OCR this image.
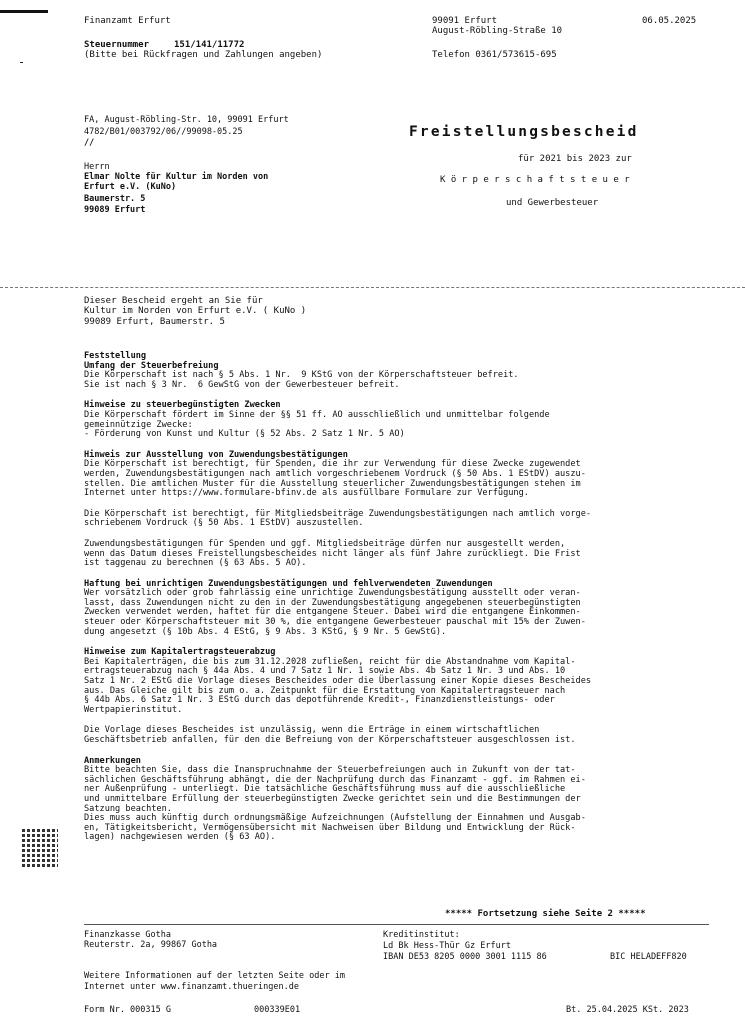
Finanzamt Erfurt
Steuernummer	151/141/11772
(Bitte bei Rückfragen und Zahlungen angeben)
99091 Erfurt
August-Röbling-Straße 10
Telefon 0361/573615-695
06.05.2025
FA, August-Röbling-Str. 10, 99091 Erfurt
4782/B01/003792/06//99098-05.25
//
Herrn
Elmar Nolte für Kultur im Norden von
Erfurt e.V. (KuNo)
Baumerstr. 5
99089 Erfurt
Freistellungsbescheid
für 2021 bis 2023 zur
K ö r p e r s c h a f t s t e u e r
und Gewerbesteuer
Dieser Bescheid ergeht an Sie für
Kultur im Norden von Erfurt e.V. ( KuNo )
99089 Erfurt, Baumerstr. 5

Feststellung

Umfang der Steuerbefreiung

Die Körperschaft ist nach § 5 Abs. 1 Nr.  9 KStG von der Körperschaftsteuer befreit.

Sie ist nach § 3 Nr.  6 GewStG von der Gewerbesteuer befreit.

Hinweise zu steuerbegünstigten Zwecken

Die Körperschaft fördert im Sinne der §§ 51 ff. AO ausschließlich und unmittelbar folgende

gemeinnützige Zwecke:

- Förderung von Kunst und Kultur (§ 52 Abs. 2 Satz 1 Nr. 5 AO)

Hinweis zur Ausstellung von Zuwendungsbestätigungen

Die Körperschaft ist berechtigt, für Spenden, die ihr zur Verwendung für diese Zwecke zugewendet

werden, Zuwendungsbestätigungen nach amtlich vorgeschriebenem Vordruck (§ 50 Abs. 1 EStDV) auszu-

stellen. Die amtlichen Muster für die Ausstellung steuerlicher Zuwendungsbestätigungen stehen im

Internet unter https://www.formulare-bfinv.de als ausfüllbare Formulare zur Verfügung.

Die Körperschaft ist berechtigt, für Mitgliedsbeiträge Zuwendungsbestätigungen nach amtlich vorge-

schriebenem Vordruck (§ 50 Abs. 1 EStDV) auszustellen.

Zuwendungsbestätigungen für Spenden und ggf. Mitgliedsbeiträge dürfen nur ausgestellt werden,

wenn das Datum dieses Freistellungsbescheides nicht länger als fünf Jahre zurückliegt. Die Frist

ist taggenau zu berechnen (§ 63 Abs. 5 AO).

Haftung bei unrichtigen Zuwendungsbestätigungen und fehlverwendeten Zuwendungen

Wer vorsätzlich oder grob fahrlässig eine unrichtige Zuwendungsbestätigung ausstellt oder veran-

lasst, dass Zuwendungen nicht zu den in der Zuwendungsbestätigung angegebenen steuerbegünstigten

Zwecken verwendet werden, haftet für die entgangene Steuer. Dabei wird die entgangene Einkommen-

steuer oder Körperschaftsteuer mit 30 %, die entgangene Gewerbesteuer pauschal mit 15% der Zuwen-

dung angesetzt (§ 10b Abs. 4 EStG, § 9 Abs. 3 KStG, § 9 Nr. 5 GewStG).

Hinweise zum Kapitalertragsteuerabzug

Bei Kapitalerträgen, die bis zum 31.12.2028 zufließen, reicht für die Abstandnahme vom Kapital-

ertragsteuerabzug nach § 44a Abs. 4 und 7 Satz 1 Nr. 1 sowie Abs. 4b Satz 1 Nr. 3 und Abs. 10

Satz 1 Nr. 2 EStG die Vorlage dieses Bescheides oder die Überlassung einer Kopie dieses Bescheides

aus. Das Gleiche gilt bis zum o. a. Zeitpunkt für die Erstattung von Kapitalertragsteuer nach

§ 44b Abs. 6 Satz 1 Nr. 3 EStG durch das depotführende Kredit-, Finanzdienstleistungs- oder

Wertpapierinstitut.

Die Vorlage dieses Bescheides ist unzulässig, wenn die Erträge in einem wirtschaftlichen

Geschäftsbetrieb anfallen, für den die Befreiung von der Körperschaftsteuer ausgeschlossen ist.

Anmerkungen

Bitte beachten Sie, dass die Inanspruchnahme der Steuerbefreiungen auch in Zukunft von der tat-

sächlichen Geschäftsführung abhängt, die der Nachprüfung durch das Finanzamt - ggf. im Rahmen ei-

ner Außenprüfung - unterliegt. Die tatsächliche Geschäftsführung muss auf die ausschließliche

und unmittelbare Erfüllung der steuerbegünstigten Zwecke gerichtet sein und die Bestimmungen der

Satzung beachten.

Dies muss auch künftig durch ordnungsmäßige Aufzeichnungen (Aufstellung der Einnahmen und Ausgab-

en, Tätigkeitsbericht, Vermögensübersicht mit Nachweisen über Bildung und Entwicklung der Rück-

lagen) nachgewiesen werden (§ 63 AO).

***** Fortsetzung siehe Seite 2 *****
Finanzkasse Gotha
Reuterstr. 2a, 99867 Gotha
Kreditinstitut:
Ld Bk Hess-Thür Gz Erfurt
IBAN DE53 8205 0000 3001 1115 86	BIC HELADEFF820
Weitere Informationen auf der letzten Seite oder im
Internet unter www.finanzamt.thueringen.de
Form Nr. 000315 G	000339E01	Bt. 25.04.2025 KSt. 2023
